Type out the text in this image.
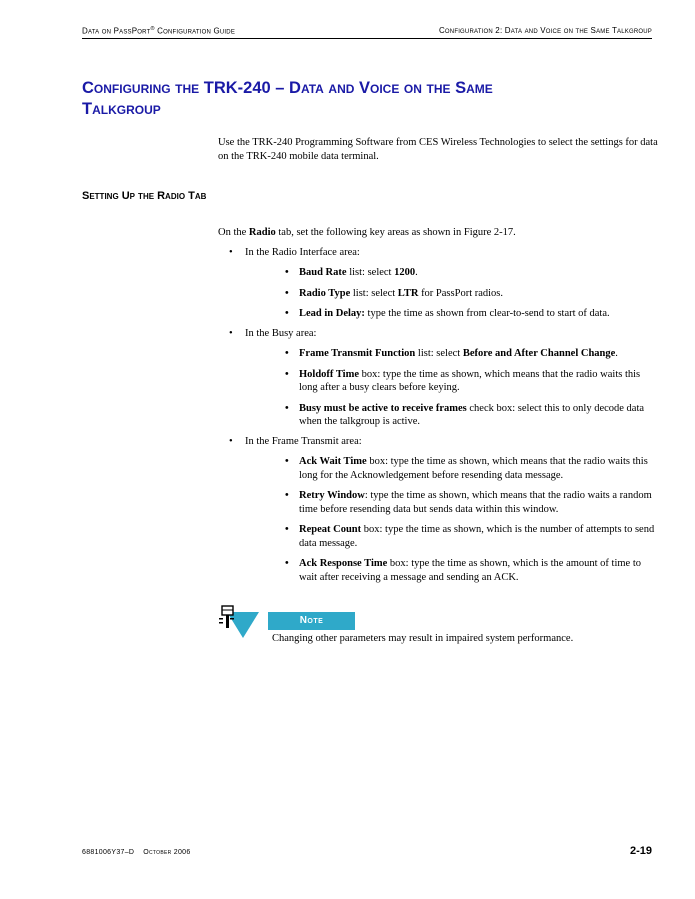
Data on PassPort® Configuration Guide	Configuration 2: Data and Voice on the Same Talkgroup
Configuring the TRK-240 – Data and Voice on the Same Talkgroup

Use the TRK-240 Programming Software from CES Wireless Technologies to select the settings for data on the TRK-240 mobile data terminal.

Setting Up the Radio Tab

On the Radio tab, set the following key areas as shown in Figure 2-17.

• In the Radio Interface area:
• Baud Rate list: select 1200.
• Radio Type list: select LTR for PassPort radios.
• Lead in Delay: type the time as shown from clear-to-send to start of data.
• In the Busy area:
• Frame Transmit Function list: select Before and After Channel Change.
• Holdoff Time box: type the time as shown, which means that the radio waits this long after a busy clears before keying.
• Busy must be active to receive frames check box: select this to only decode data when the talkgroup is active.
• In the Frame Transmit area:
• Ack Wait Time box: type the time as shown, which means that the radio waits this long for the Acknowledgement before resending data message.
• Retry Window: type the time as shown, which means that the radio waits a random time before resending data but sends data within this window.
• Repeat Count box: type the time as shown, which is the number of attempts to send data message.
• Ack Response Time box: type the time as shown, which is the amount of time to wait after receiving a message and sending an ACK.
Note
Changing other parameters may result in impaired system performance.
6881006Y37–D October 2006	2-19
